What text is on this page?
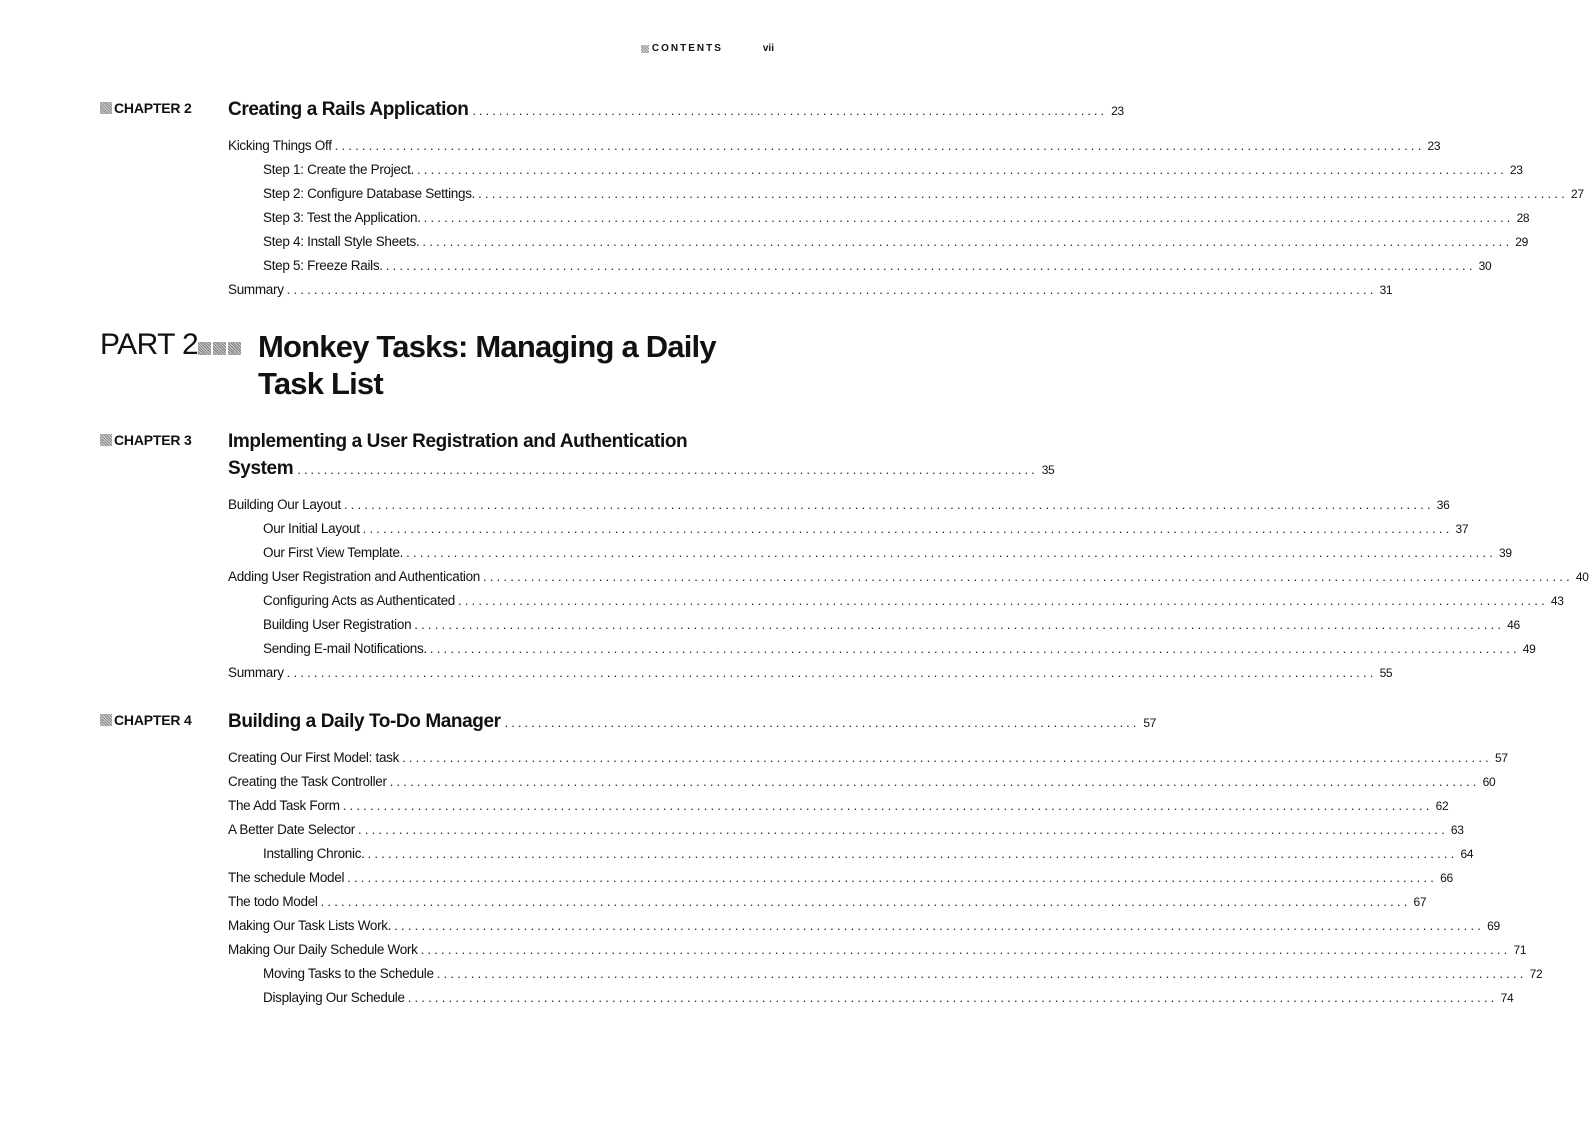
CONTENTS	vii
CHAPTER 2 Creating a Rails Application ................................................................................................ 23
Kicking Things Off ................................................................................................................................................................ 23
Step 1: Create the Project. ................................................................................................................................................................ 23
Step 2: Configure Database Settings. ................................................................................................................................................................ 27
Step 3: Test the Application. ................................................................................................................................................................ 28
Step 4: Install Style Sheets. ................................................................................................................................................................ 29
Step 5: Freeze Rails. ................................................................................................................................................................ 30
Summary ................................................................................................................................................................ 31
PART 2 Monkey Tasks: Managing a Daily
Task List
CHAPTER 3 Implementing a User Registration and Authentication
System ................................................................................................................ 35
Building Our Layout ................................................................................................................................................................ 36
Our Initial Layout ................................................................................................................................................................ 37
Our First View Template. ................................................................................................................................................................ 39
Adding User Registration and Authentication ................................................................................................................................................................ 40
Configuring Acts as Authenticated ................................................................................................................................................................ 43
Building User Registration ................................................................................................................................................................ 46
Sending E-mail Notifications. ................................................................................................................................................................ 49
Summary ................................................................................................................................................................ 55
CHAPTER 4 Building a Daily To-Do Manager ................................................................................................ 57
Creating Our First Model: task ................................................................................................................................................................ 57
Creating the Task Controller ................................................................................................................................................................ 60
The Add Task Form ................................................................................................................................................................ 62
A Better Date Selector ................................................................................................................................................................ 63
Installing Chronic. ................................................................................................................................................................ 64
The schedule Model ................................................................................................................................................................ 66
The todo Model ................................................................................................................................................................ 67
Making Our Task Lists Work. ................................................................................................................................................................ 69
Making Our Daily Schedule Work ................................................................................................................................................................ 71
Moving Tasks to the Schedule ................................................................................................................................................................ 72
Displaying Our Schedule ................................................................................................................................................................ 74
